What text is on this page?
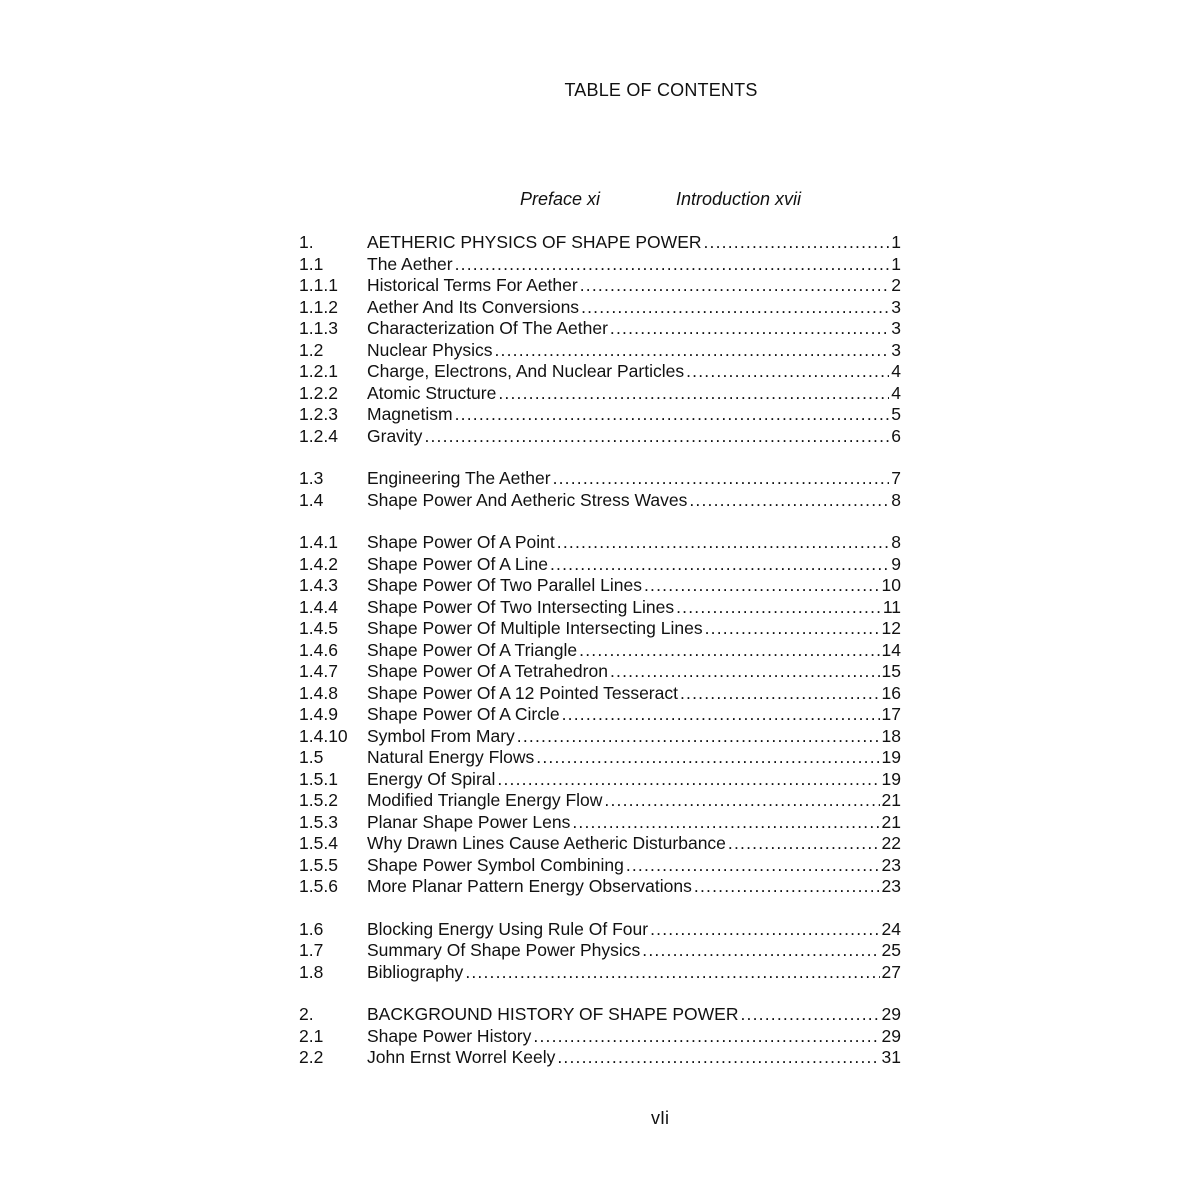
TABLE OF CONTENTS
Preface xi	Introduction xvii
1.	AETHERIC PHYSICS OF SHAPE POWER .....	1
1.1	The Aether .....	1
1.1.1	Historical Terms For Aether .....	2
1.1.2	Aether And Its Conversions .....	3
1.1.3	Characterization Of The Aether .....	3
1.2	Nuclear Physics .....	3
1.2.1	Charge, Electrons, And Nuclear Particles .....	4
1.2.2	Atomic Structure .....	4
1.2.3	Magnetism .....	5
1.2.4	Gravity .....	6
1.3	Engineering The Aether .....	7
1.4	Shape Power And Aetheric Stress Waves .....	8
1.4.1	Shape Power Of A Point .....	8
1.4.2	Shape Power Of A Line .....	9
1.4.3	Shape Power Of Two Parallel Lines .....	10
1.4.4	Shape Power Of Two Intersecting Lines .....	11
1.4.5	Shape Power Of Multiple Intersecting Lines .....	12
1.4.6	Shape Power Of A Triangle .....	14
1.4.7	Shape Power Of A Tetrahedron .....	15
1.4.8	Shape Power Of A 12 Pointed Tesseract .....	16
1.4.9	Shape Power Of A Circle .....	17
1.4.10	Symbol From Mary .....	18
1.5	Natural Energy Flows .....	19
1.5.1	Energy Of Spiral .....	19
1.5.2	Modified Triangle Energy Flow .....	21
1.5.3	Planar Shape Power Lens .....	21
1.5.4	Why Drawn Lines Cause Aetheric Disturbance .....	22
1.5.5	Shape Power Symbol Combining .....	23
1.5.6	More Planar Pattern Energy Observations .....	23
1.6	Blocking Energy Using Rule Of Four .....	24
1.7	Summary Of Shape Power Physics .....	25
1.8	Bibliography .....	27
2.	BACKGROUND HISTORY OF SHAPE POWER .....	29
2.1	Shape Power History .....	29
2.2	John Ernst Worrel Keely .....	31
vIi
